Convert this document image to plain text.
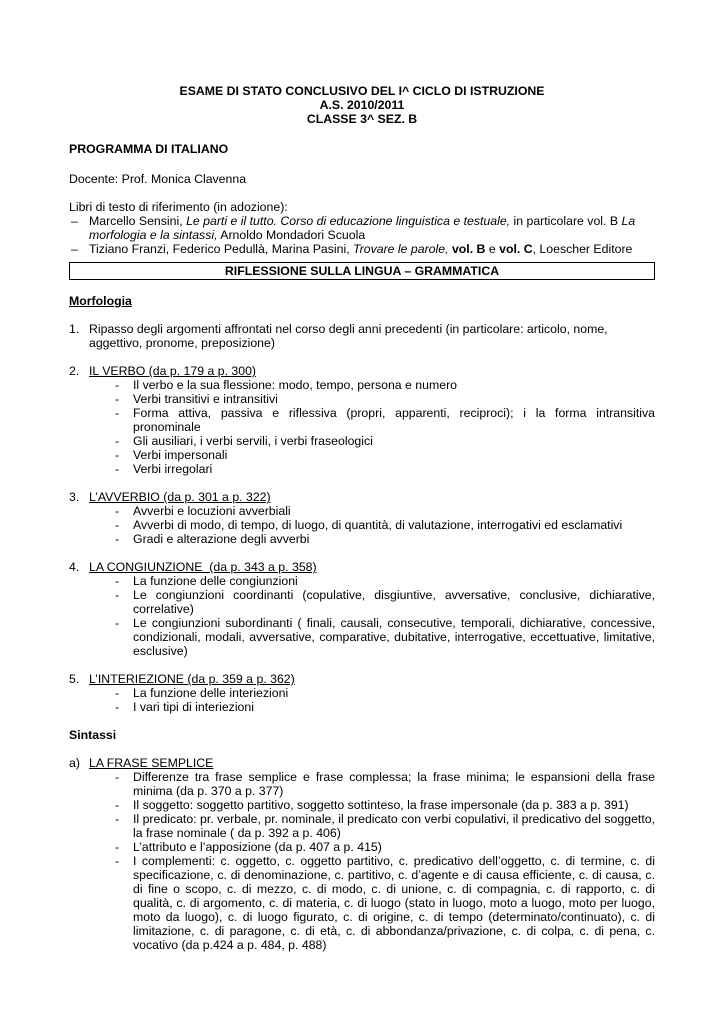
ESAME DI STATO CONCLUSIVO DEL I^ CICLO DI ISTRUZIONE
A.S. 2010/2011
CLASSE 3^ SEZ. B
PROGRAMMA DI ITALIANO
Docente: Prof. Monica Clavenna
Libri di testo di riferimento (in adozione):
– Marcello Sensini, Le parti e il tutto. Corso di educazione linguistica e testuale, in particolare vol. B La morfologia e la sintassi, Arnoldo Mondadori Scuola
– Tiziano Franzi, Federico Pedullà, Marina Pasini, Trovare le parole, vol. B e vol. C, Loescher Editore
RIFLESSIONE SULLA LINGUA – GRAMMATICA
Morfologia
1. Ripasso degli argomenti affrontati nel corso degli anni precedenti (in particolare: articolo, nome, aggettivo, pronome, preposizione)
2. IL VERBO (da p. 179 a p. 300)
- Il verbo e la sua flessione: modo, tempo, persona e numero
- Verbi transitivi e intransitivi
- Forma attiva, passiva e riflessiva (propri, apparenti, reciproci); i la forma intransitiva pronominale
- Gli ausiliari, i verbi servili, i verbi fraseologici
- Verbi impersonali
- Verbi irregolari
3. L’AVVERBIO (da p. 301 a p. 322)
- Avverbi e locuzioni avverbiali
- Avverbi di modo, di tempo, di luogo, di quantità, di valutazione, interrogativi ed esclamativi
- Gradi e alterazione degli avverbi
4. LA CONGIUNZIONE  (da p. 343 a p. 358)
- La funzione delle congiunzioni
- Le congiunzioni coordinanti (copulative, disgiuntive, avversative, conclusive, dichiarative, correlative)
- Le congiunzioni subordinanti ( finali, causali, consecutive, temporali, dichiarative, concessive, condizionali, modali, avversative, comparative, dubitative, interrogative, eccettuative, limitative, esclusive)
5. L’INTERIEZIONE (da p. 359 a p. 362)
- La funzione delle interiezioni
- I vari tipi di interiezioni
Sintassi
a) LA FRASE SEMPLICE
- Differenze tra frase semplice e frase complessa; la frase minima; le espansioni della frase minima (da p. 370 a p. 377)
- Il soggetto: soggetto partitivo, soggetto sottinteso, la frase impersonale (da p. 383 a p. 391)
- Il predicato: pr. verbale, pr. nominale, il predicato con verbi copulativi, il predicativo del soggetto, la frase nominale ( da p. 392 a p. 406)
- L’attributo e l’apposizione (da p. 407 a p. 415)
- I complementi: c. oggetto, c. oggetto partitivo, c. predicativo dell’oggetto, c. di termine, c. di specificazione, c. di denominazione, c. partitivo, c. d’agente e di causa efficiente, c. di causa, c. di fine o scopo, c. di mezzo, c. di modo, c. di unione, c. di compagnia, c. di rapporto, c. di qualità, c. di argomento, c. di materia, c. di luogo (stato in luogo, moto a luogo, moto per luogo, moto da luogo), c. di luogo figurato, c. di origine, c. di tempo (determinato/continuato), c. di limitazione, c. di paragone, c. di età, c. di abbondanza/privazione, c. di colpa, c. di pena, c. vocativo (da p.424 a p. 484, p. 488)
